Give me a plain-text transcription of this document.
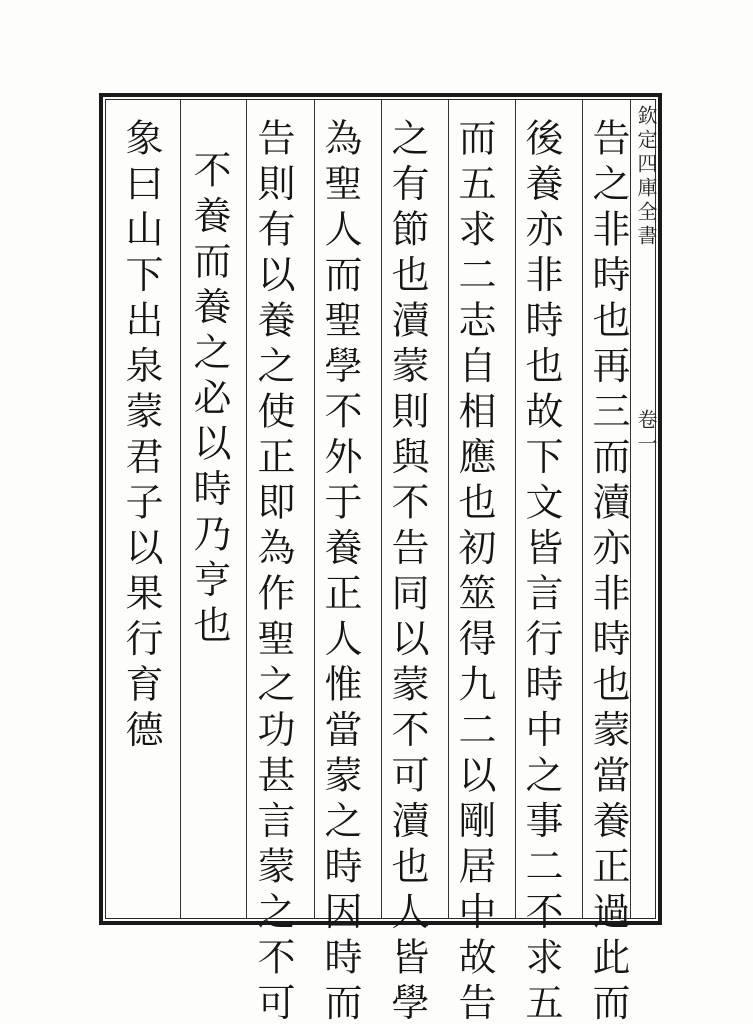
欽定四庫全書
卷一
告之非時也再三而瀆亦非時也蒙當養正過此而
後養亦非時也故下文皆言行時中之事二不求五
而五求二志自相應也初筮得九二以剛居中故告
之有節也瀆蒙則與不告同以蒙不可瀆也人皆學
為聖人而聖學不外于養正人惟當蒙之時因時而
告則有以養之使正即為作聖之功甚言蒙之不可
不養而養之必以時乃亨也
象曰山下出泉蒙君子以果行育德
